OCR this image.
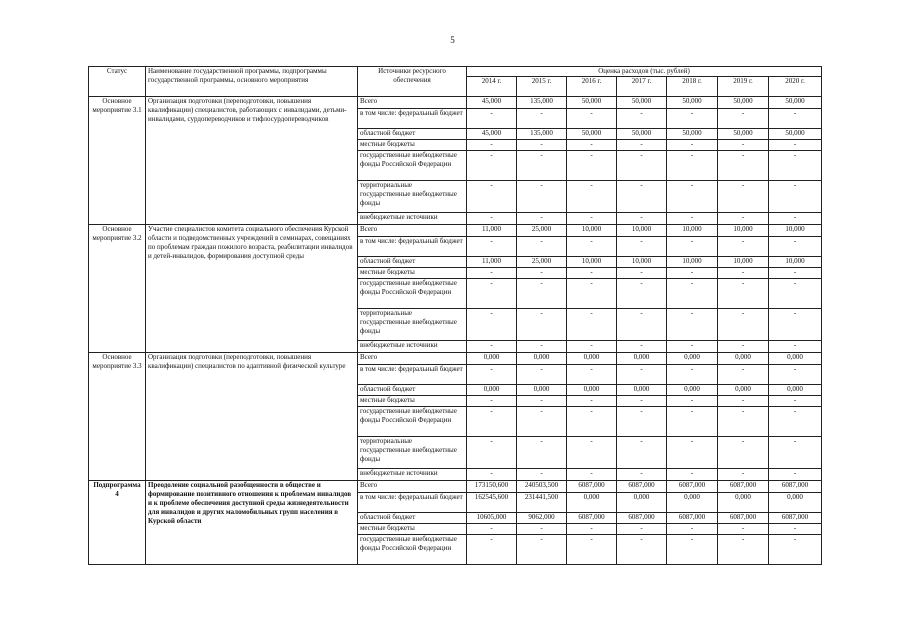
5
Статус	Наименование государственной программы, подпрограммы государственной программы, основного мероприятия	Источники ресурсного обеспечения	Оценка расходов (тыс. рублей)						
			2014 г.	2015 г.	2016 г.	2017 г.	2018 г.	2019 г.	2020 г.
Основное мероприятие 3.1	Организация подготовки (переподготовки, повышения квалификации) специалистов, работающих с инвалидами, детьми-инвалидами, сурдопереводчиков и тифлосурдопереводчиков	Всего	45,000	135,000	50,000	50,000	50,000	50,000	50,000
		в том числе: федеральный бюджет	-	-	-	-	-	-	-
		областной бюджет	45,000	135,000	50,000	50,000	50,000	50,000	50,000
		местные бюджеты	-	-	-	-	-	-	-
		государственные внебюджетные фонды Российской Федерации	-	-	-	-	-	-	-
		территориальные государственные внебюджетные фонды	-	-	-	-	-	-	-
		внебюджетные источники	-	-	-	-	-	-	-
Основное мероприятие 3.2	Участие специалистов комитета социального обеспечения Курской области и подведомственных учреждений в семинарах, совещаниях по проблемам граждан пожилого возраста, реабилитации инвалидов и детей-инвалидов, формирования доступной среды	Всего	11,000	25,000	10,000	10,000	10,000	10,000	10,000
		в том числе: федеральный бюджет	-	-	-	-	-	-	-
		областной бюджет	11,000	25,000	10,000	10,000	10,000	10,000	10,000
		местные бюджеты	-	-	-	-	-	-	-
		государственные внебюджетные фонды Российской Федерации	-	-	-	-	-	-	-
		территориальные государственные внебюджетные фонды	-	-	-	-	-	-	-
		внебюджетные источники	-	-	-	-	-	-	-
Основное мероприятие 3.3	Организация подготовки (переподготовки, повышения квалификации) специалистов по адаптивной физической культуре	Всего	0,000	0,000	0,000	0,000	0,000	0,000	0,000
		в том числе: федеральный бюджет	-	-	-	-	-	-	-
		областной бюджет	0,000	0,000	0,000	0,000	0,000	0,000	0,000
		местные бюджеты	-	-	-	-	-	-	-
		государственные внебюджетные фонды Российской Федерации	-	-	-	-	-	-	-
		территориальные государственные внебюджетные фонды	-	-	-	-	-	-	-
		внебюджетные источники	-	-	-	-	-	-	-
Подпрограмма 4	Преодоление социальной разобщенности в обществе и формирование позитивного отношения к проблемам инвалидов и к проблеме обеспечения доступной среды жизнедеятельности для инвалидов и других маломобильных групп населения в Курской области	Всего	173150,600	240503,500	6087,000	6087,000	6087,000	6087,000	6087,000
		в том числе: федеральный бюджет	162545,600	231441,500	0,000	0,000	0,000	0,000	0,000
		областной бюджет	10605,000	9062,000	6087,000	6087,000	6087,000	6087,000	6087,000
		местные бюджеты	-	-	-	-	-	-	-
		государственные внебюджетные фонды Российской Федерации	-	-	-	-	-	-	-
